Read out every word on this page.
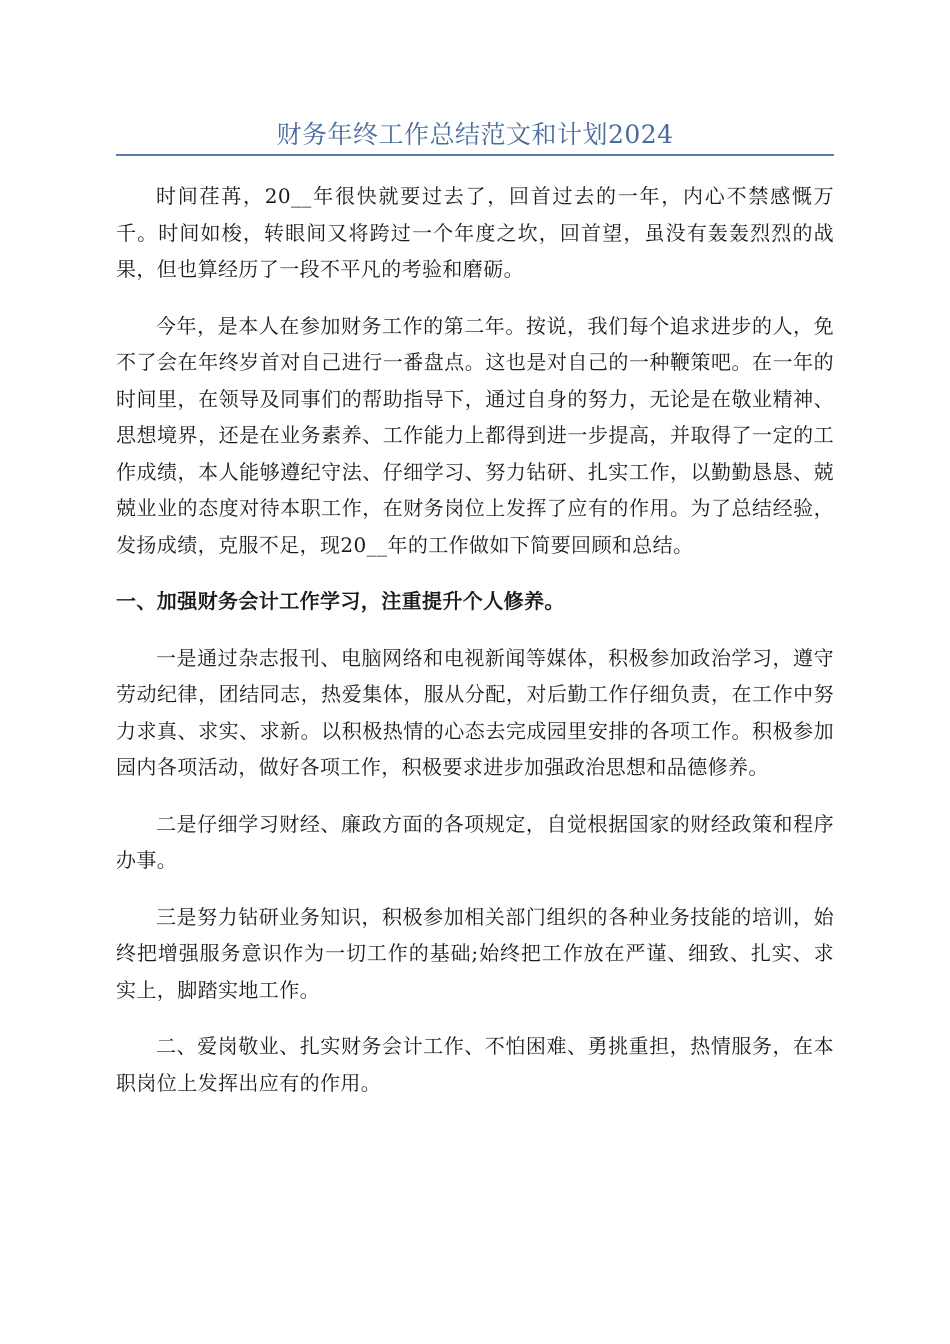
财务年终工作总结范文和计划2024

时间荏苒，20__年很快就要过去了，回首过去的一年，内心不禁感慨万千。时间如梭，转眼间又将跨过一个年度之坎，回首望，虽没有轰轰烈烈的战果，但也算经历了一段不平凡的考验和磨砺。

今年，是本人在参加财务工作的第二年。按说，我们每个追求进步的人，免不了会在年终岁首对自己进行一番盘点。这也是对自己的一种鞭策吧。在一年的时间里，在领导及同事们的帮助指导下，通过自身的努力，无论是在敬业精神、思想境界，还是在业务素养、工作能力上都得到进一步提高，并取得了一定的工作成绩，本人能够遵纪守法、仔细学习、努力钻研、扎实工作，以勤勤恳恳、兢兢业业的态度对待本职工作，在财务岗位上发挥了应有的作用。为了总结经验，发扬成绩，克服不足，现20__年的工作做如下简要回顾和总结。

一、加强财务会计工作学习，注重提升个人修养。

一是通过杂志报刊、电脑网络和电视新闻等媒体，积极参加政治学习，遵守劳动纪律，团结同志，热爱集体，服从分配，对后勤工作仔细负责，在工作中努力求真、求实、求新。以积极热情的心态去完成园里安排的各项工作。积极参加园内各项活动，做好各项工作，积极要求进步加强政治思想和品德修养。

二是仔细学习财经、廉政方面的各项规定，自觉根据国家的财经政策和程序办事。

三是努力钻研业务知识，积极参加相关部门组织的各种业务技能的培训，始终把增强服务意识作为一切工作的基础;始终把工作放在严谨、细致、扎实、求实上，脚踏实地工作。

二、爱岗敬业、扎实财务会计工作、不怕困难、勇挑重担，热情服务，在本职岗位上发挥出应有的作用。
